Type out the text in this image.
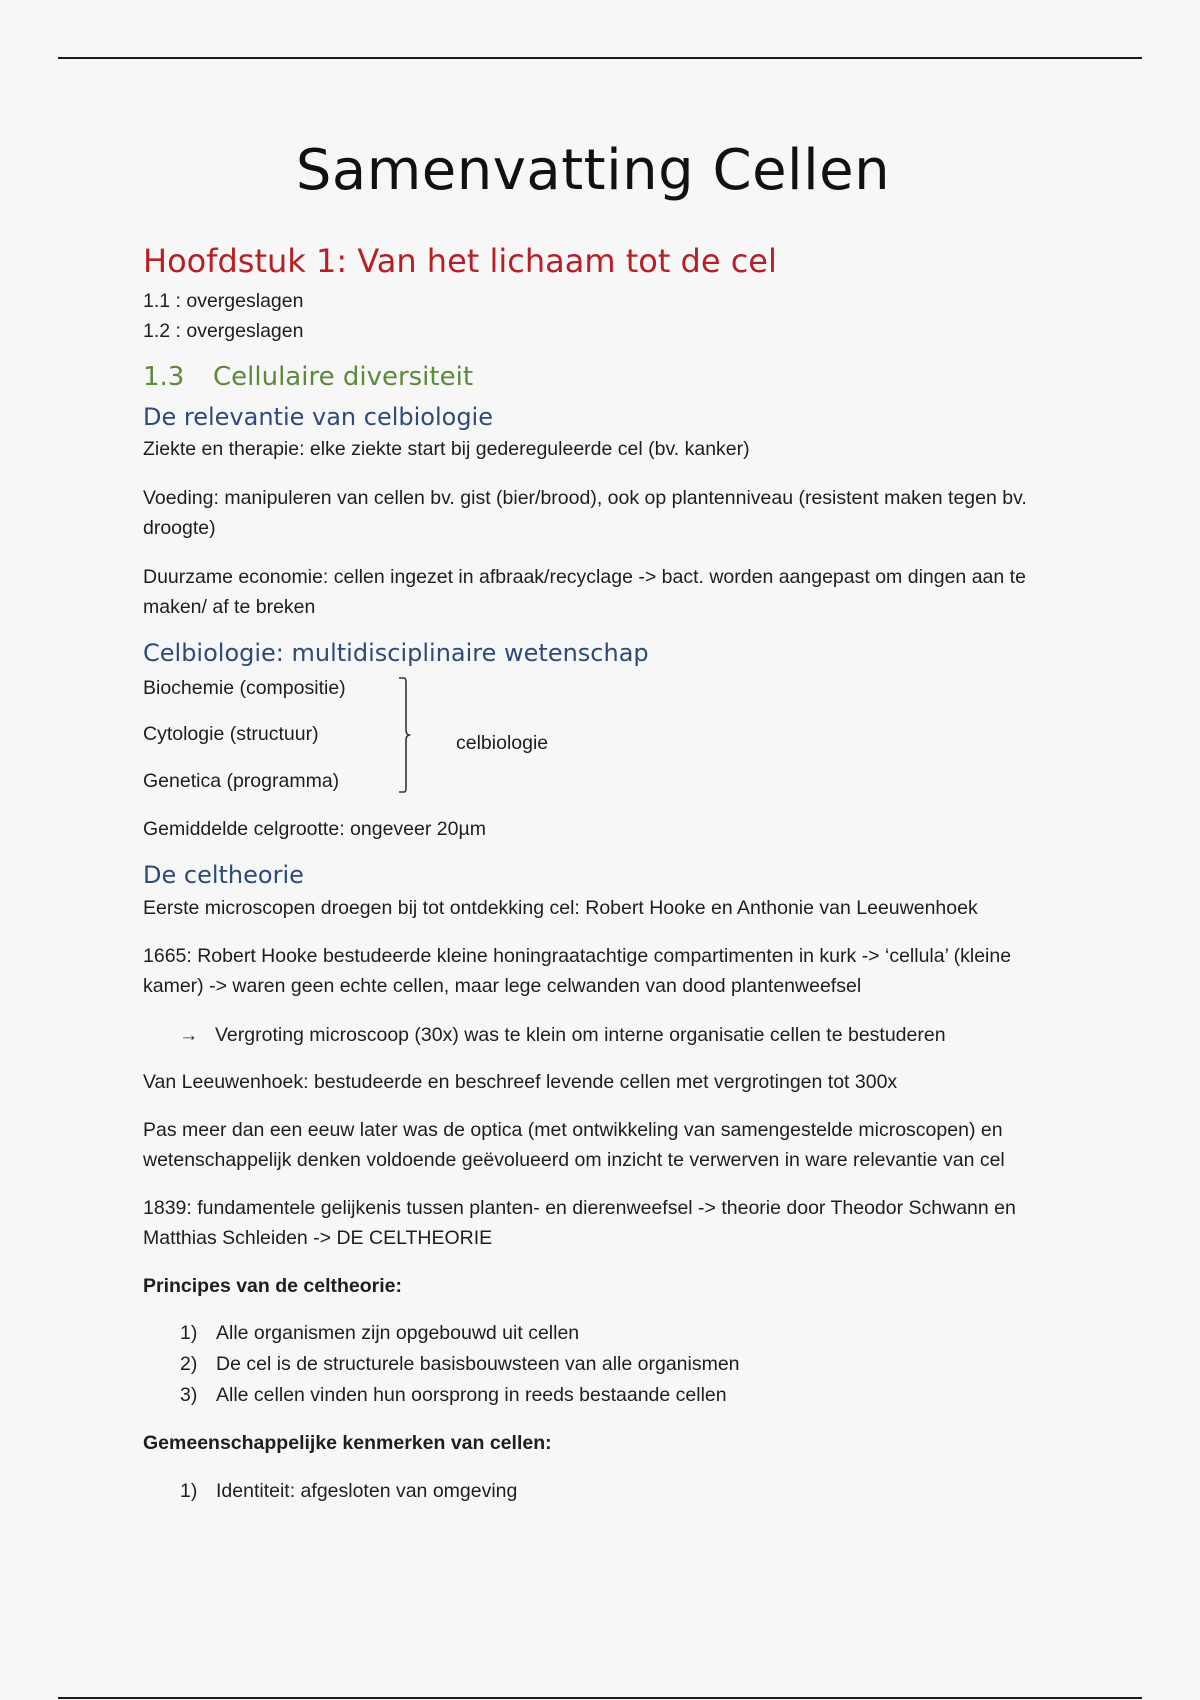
Samenvatting Cellen
Hoofdstuk 1: Van het lichaam tot de cel
1.1 : overgeslagen
1.2 : overgeslagen
1.3 Cellulaire diversiteit
De relevantie van celbiologie
Ziekte en therapie: elke ziekte start bij gedereguleerde cel (bv. kanker)
Voeding: manipuleren van cellen bv. gist (bier/brood), ook op plantenniveau (resistent maken tegen bv. droogte)
Duurzame economie: cellen ingezet in afbraak/recyclage -> bact. worden aangepast om dingen aan te maken/ af te breken
Celbiologie: multidisciplinaire wetenschap
Biochemie (compositie)
Cytologie (structuur)
Genetica (programma)
celbiologie
Gemiddelde celgrootte: ongeveer 20µm
De celtheorie
Eerste microscopen droegen bij tot ontdekking cel: Robert Hooke en Anthonie van Leeuwenhoek
1665: Robert Hooke bestudeerde kleine honingraatachtige compartimenten in kurk -> ‘cellula’ (kleine kamer) -> waren geen echte cellen, maar lege celwanden van dood plantenweefsel
→ Vergroting microscoop (30x) was te klein om interne organisatie cellen te bestuderen
Van Leeuwenhoek: bestudeerde en beschreef levende cellen met vergrotingen tot 300x
Pas meer dan een eeuw later was de optica (met ontwikkeling van samengestelde microscopen) en wetenschappelijk denken voldoende geëvolueerd om inzicht te verwerven in ware relevantie van cel
1839: fundamentele gelijkenis tussen planten- en dierenweefsel -> theorie door Theodor Schwann en Matthias Schleiden -> DE CELTHEORIE
Principes van de celtheorie:
1) Alle organismen zijn opgebouwd uit cellen
2) De cel is de structurele basisbouwsteen van alle organismen
3) Alle cellen vinden hun oorsprong in reeds bestaande cellen
Gemeenschappelijke kenmerken van cellen:
1) Identiteit: afgesloten van omgeving
